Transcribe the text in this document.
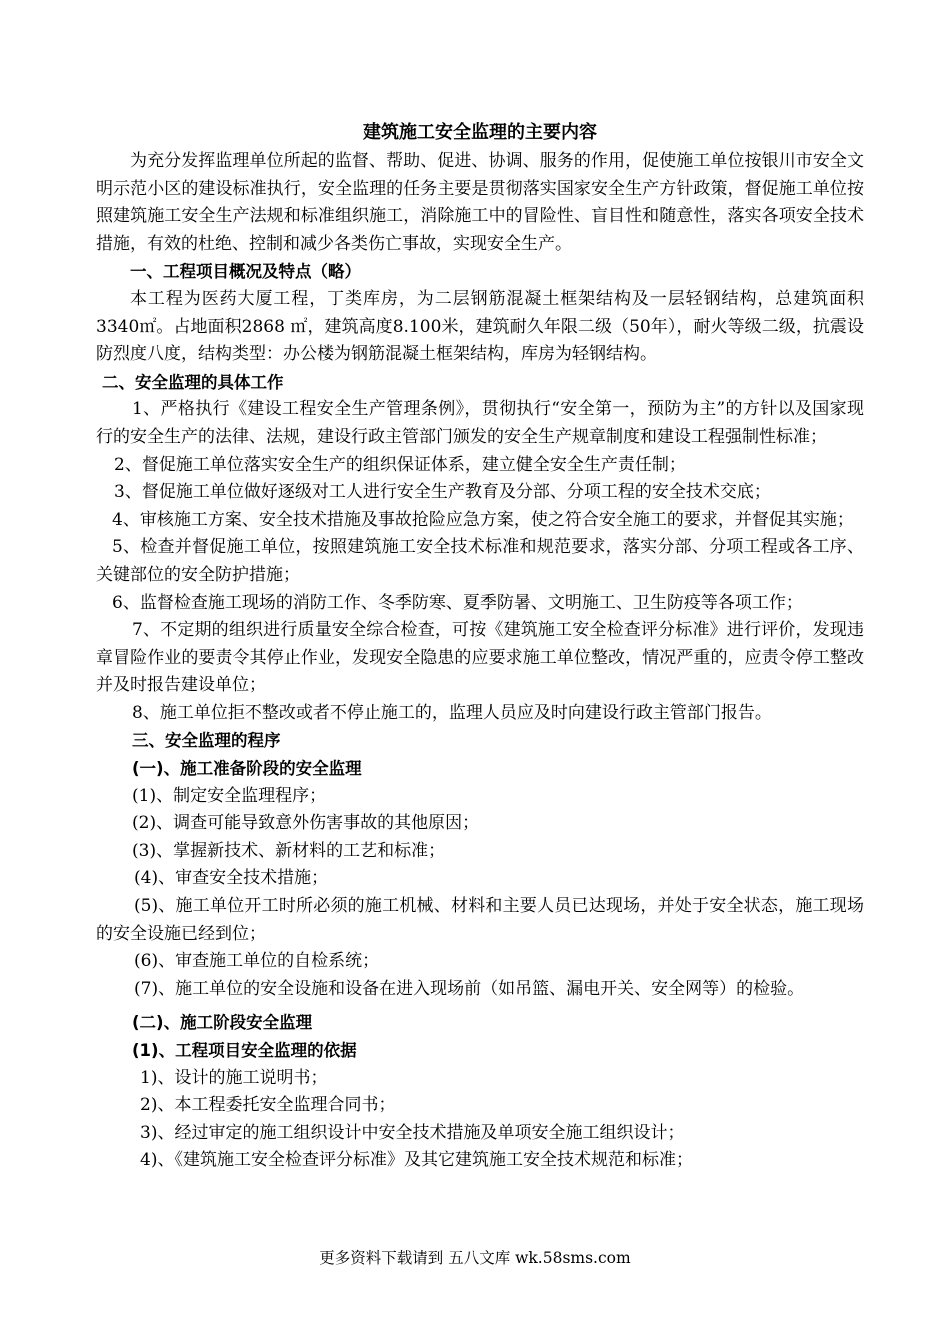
建筑施工安全监理的主要内容

为充分发挥监理单位所起的监督、帮助、促进、协调、服务的作用，促使施工单位按银川市安全文明示范小区的建设标准执行，安全监理的任务主要是贯彻落实国家安全生产方针政策，督促施工单位按照建筑施工安全生产法规和标准组织施工，消除施工中的冒险性、盲目性和随意性，落实各项安全技术措施，有效的杜绝、控制和减少各类伤亡事故，实现安全生产。

一、工程项目概况及特点（略）

本工程为医药大厦工程，丁类库房，为二层钢筋混凝土框架结构及一层轻钢结构，总建筑面积3340㎡。占地面积2868 ㎡，建筑高度8.100米，建筑耐久年限二级（50年），耐火等级二级，抗震设防烈度八度，结构类型：办公楼为钢筋混凝土框架结构，库房为轻钢结构。

二、安全监理的具体工作

1、严格执行《建设工程安全生产管理条例》，贯彻执行“安全第一，预防为主”的方针以及国家现行的安全生产的法律、法规，建设行政主管部门颁发的安全生产规章制度和建设工程强制性标准；

2、督促施工单位落实安全生产的组织保证体系，建立健全安全生产责任制；

3、督促施工单位做好逐级对工人进行安全生产教育及分部、分项工程的安全技术交底；

4、审核施工方案、安全技术措施及事故抢险应急方案，使之符合安全施工的要求，并督促其实施；

5、检查并督促施工单位，按照建筑施工安全技术标准和规范要求，落实分部、分项工程或各工序、关键部位的安全防护措施；

6、监督检查施工现场的消防工作、冬季防寒、夏季防暑、文明施工、卫生防疫等各项工作；

7、不定期的组织进行质量安全综合检查，可按《建筑施工安全检查评分标准》进行评价，发现违章冒险作业的要责令其停止作业，发现安全隐患的应要求施工单位整改，情况严重的，应责令停工整改并及时报告建设单位；

8、施工单位拒不整改或者不停止施工的，监理人员应及时向建设行政主管部门报告。

三、安全监理的程序

(一)、施工准备阶段的安全监理

(1)、制定安全监理程序；

(2)、调查可能导致意外伤害事故的其他原因；

(3)、掌握新技术、新材料的工艺和标准；

(4)、审查安全技术措施；

(5)、施工单位开工时所必须的施工机械、材料和主要人员已达现场，并处于安全状态，施工现场的安全设施已经到位；

(6)、审查施工单位的自检系统；

(7)、施工单位的安全设施和设备在进入现场前（如吊篮、漏电开关、安全网等）的检验。

(二)、施工阶段安全监理

(1)、工程项目安全监理的依据

1)、设计的施工说明书；

2)、本工程委托安全监理合同书；

3)、经过审定的施工组织设计中安全技术措施及单项安全施工组织设计；

4)、《建筑施工安全检查评分标准》及其它建筑施工安全技术规范和标准；

更多资料下载请到 五八文库 wk.58sms.com
